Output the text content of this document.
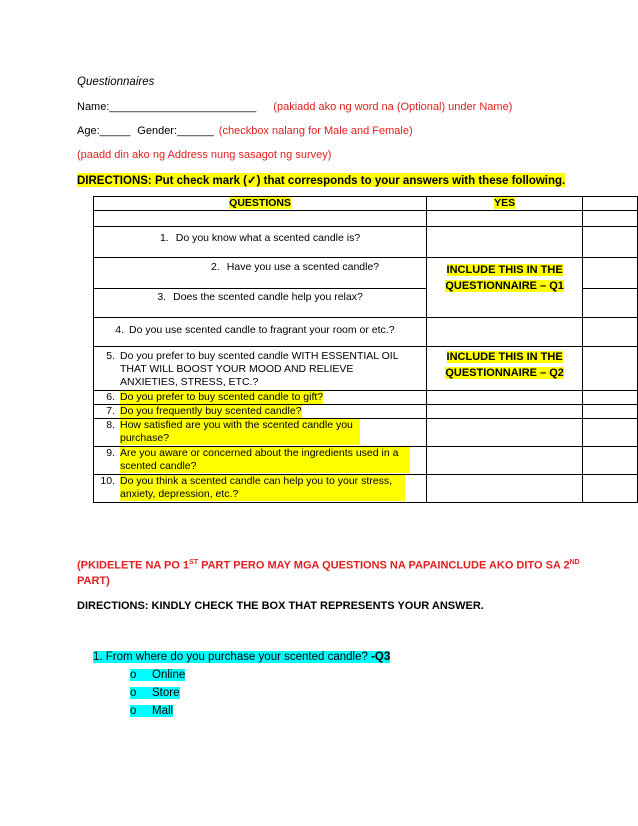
Questionnaires
Name:________________________ (pakiadd ako ng word na (Optional) under Name)
Age:_____ Gender:______ (checkbox nalang for Male and Female)
(paadd din ako ng Address nung sasagot ng survey)
DIRECTIONS: Put check mark (✓) that corresponds to your answers with these following.
QUESTIONS	YES	

1. Do you know what a scented candle is?		

2. Have you use a scented candle?	INCLUDE THIS IN THE QUESTIONNAIRE – Q1	

3. Does the scented candle help you relax?		

4. Do you use scented candle to fragrant your room or etc.?		

5. Do you prefer to buy scented candle WITH ESSENTIAL OIL THAT WILL BOOST YOUR MOOD AND RELIEVE ANXIETIES, STRESS, ETC.?	INCLUDE THIS IN THE QUESTIONNAIRE – Q2	

6. Do you prefer to buy scented candle to gift?		

7. Do you frequently buy scented candle?		

8. How satisfied are you with the scented candle you purchase?		

9. Are you aware or concerned about the ingredients used in a scented candle?		

10. Do you think a scented candle can help you to your stress, anxiety, depression, etc.?		

(PKIDELETE NA PO 1ST PART PERO MAY MGA QUESTIONS NA PAPAINCLUDE AKO DITO SA 2ND
PART)
DIRECTIONS: KINDLY CHECK THE BOX THAT REPRESENTS YOUR ANSWER.
1. From where do you purchase your scented candle? -Q3
o Online
o Store
o Mall
